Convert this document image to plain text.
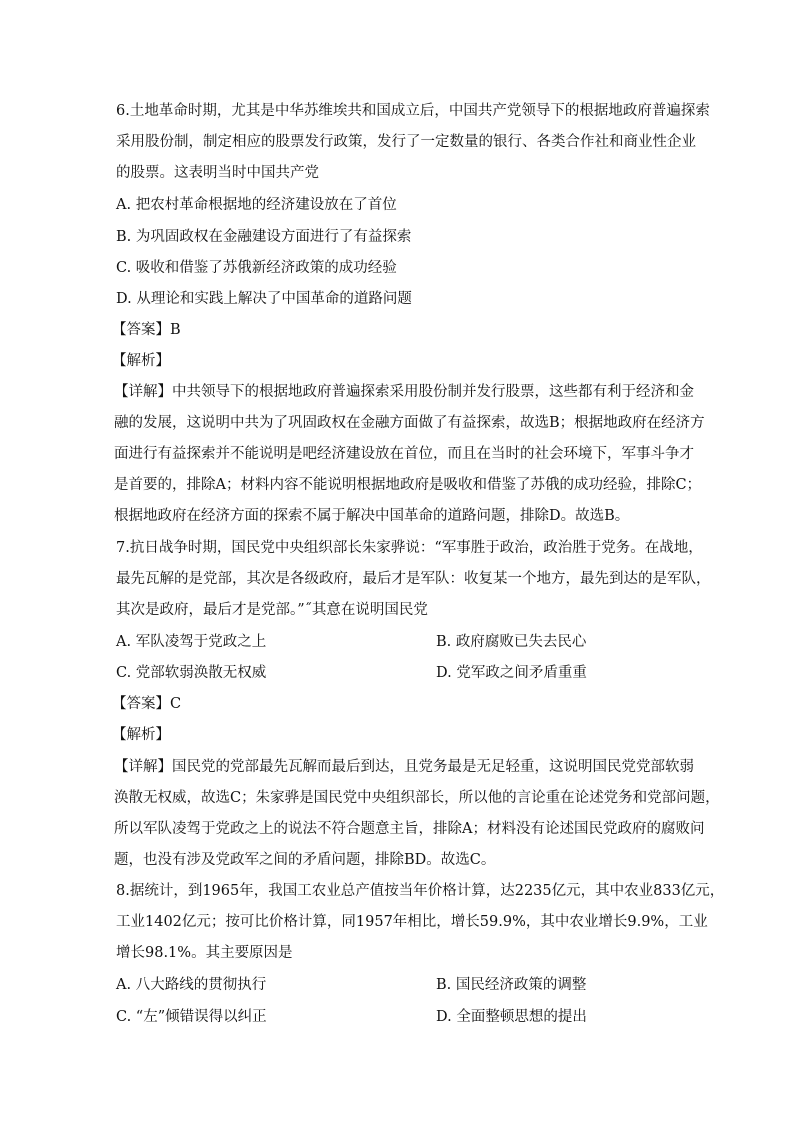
6.土地革命时期，尤其是中华苏维埃共和国成立后，中国共产党领导下的根据地政府普遍探索
采用股份制，制定相应的股票发行政策，发行了一定数量的银行、各类合作社和商业性企业
的股票。这表明当时中国共产党
A. 把农村革命根据地的经济建设放在了首位
B. 为巩固政权在金融建设方面进行了有益探索
C. 吸收和借鉴了苏俄新经济政策的成功经验
D. 从理论和实践上解决了中国革命的道路问题
【答案】B
【解析】
【详解】中共领导下的根据地政府普遍探索采用股份制并发行股票，这些都有利于经济和金
融的发展，这说明中共为了巩固政权在金融方面做了有益探索，故选B；根据地政府在经济方
面进行有益探索并不能说明是吧经济建设放在首位，而且在当时的社会环境下，军事斗争才
是首要的，排除A；材料内容不能说明根据地政府是吸收和借鉴了苏俄的成功经验，排除C；
根据地政府在经济方面的探索不属于解决中国革命的道路问题，排除D。故选B。
7.抗日战争时期，国民党中央组织部长朱家骅说：“军事胜于政治，政治胜于党务。在战地，
最先瓦解的是党部，其次是各级政府，最后才是军队：收复某一个地方，最先到达的是军队，
其次是政府，最后才是党部。”˝其意在说明国民党
A. 军队凌驾于党政之上	B. 政府腐败已失去民心
C. 党部软弱涣散无权威	D. 党军政之间矛盾重重
【答案】C
【解析】
【详解】国民党的党部最先瓦解而最后到达，且党务最是无足轻重，这说明国民党党部软弱
涣散无权威，故选C；朱家骅是国民党中央组织部长，所以他的言论重在论述党务和党部问题，
所以军队凌驾于党政之上的说法不符合题意主旨，排除A；材料没有论述国民党政府的腐败问
题，也没有涉及党政军之间的矛盾问题，排除BD。故选C。
8.据统计，到1965年，我国工农业总产值按当年价格计算，达2235亿元，其中农业833亿元，
工业1402亿元；按可比价格计算，同1957年相比，增长59.9%，其中农业增长9.9%，工业
增长98.1%。其主要原因是
A. 八大路线的贯彻执行	B. 国民经济政策的调整
C. “左”倾错误得以纠正	D. 全面整顿思想的提出
